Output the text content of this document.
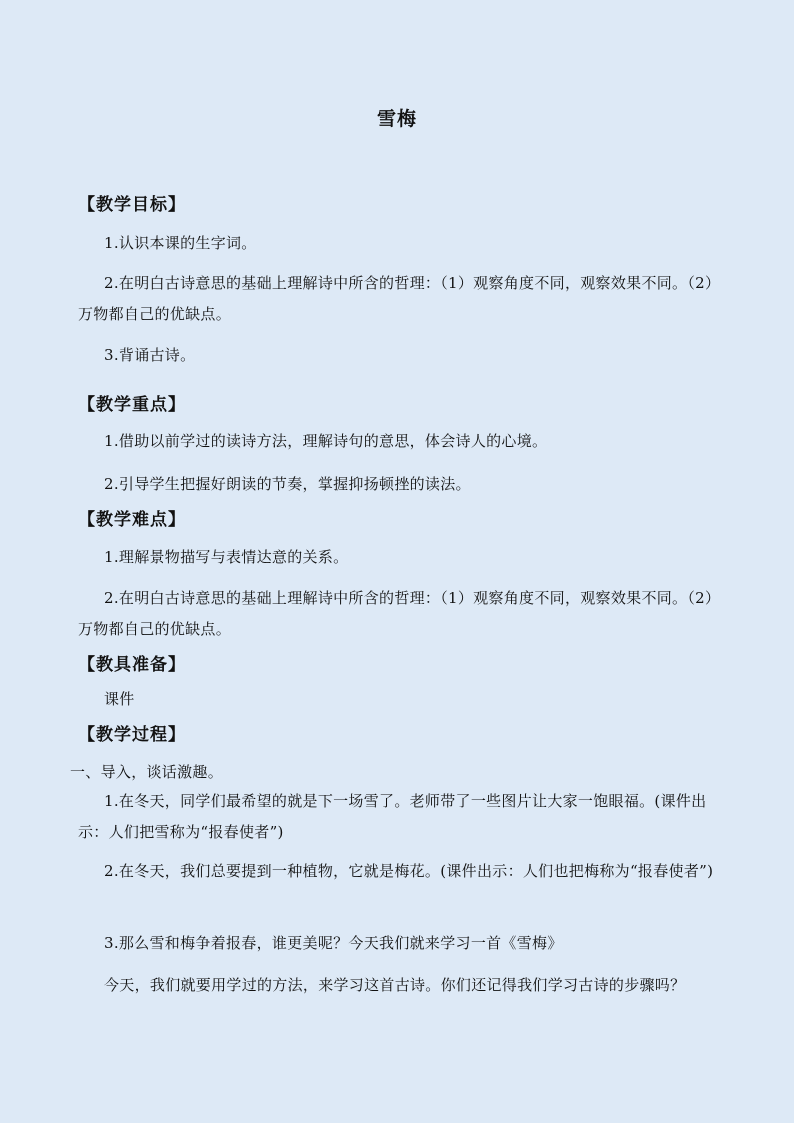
雪梅
【教学目标】
1.认识本课的生字词。
2.在明白古诗意思的基础上理解诗中所含的哲理：（1）观察角度不同，观察效果不同。（2）万物都自己的优缺点。
3.背诵古诗。
【教学重点】
1.借助以前学过的读诗方法，理解诗句的意思，体会诗人的心境。
2.引导学生把握好朗读的节奏，掌握抑扬顿挫的读法。
【教学难点】
1.理解景物描写与表情达意的关系。
2.在明白古诗意思的基础上理解诗中所含的哲理：（1）观察角度不同，观察效果不同。（2）万物都自己的优缺点。
【教具准备】
课件
【教学过程】
一、导入，谈话激趣。
1.在冬天，同学们最希望的就是下一场雪了。老师带了一些图片让大家一饱眼福。(课件出示：人们把雪称为“报春使者”)
2.在冬天，我们总要提到一种植物，它就是梅花。(课件出示：人们也把梅称为“报春使者”)
3.那么雪和梅争着报春，谁更美呢？今天我们就来学习一首《雪梅》
今天，我们就要用学过的方法，来学习这首古诗。你们还记得我们学习古诗的步骤吗？
